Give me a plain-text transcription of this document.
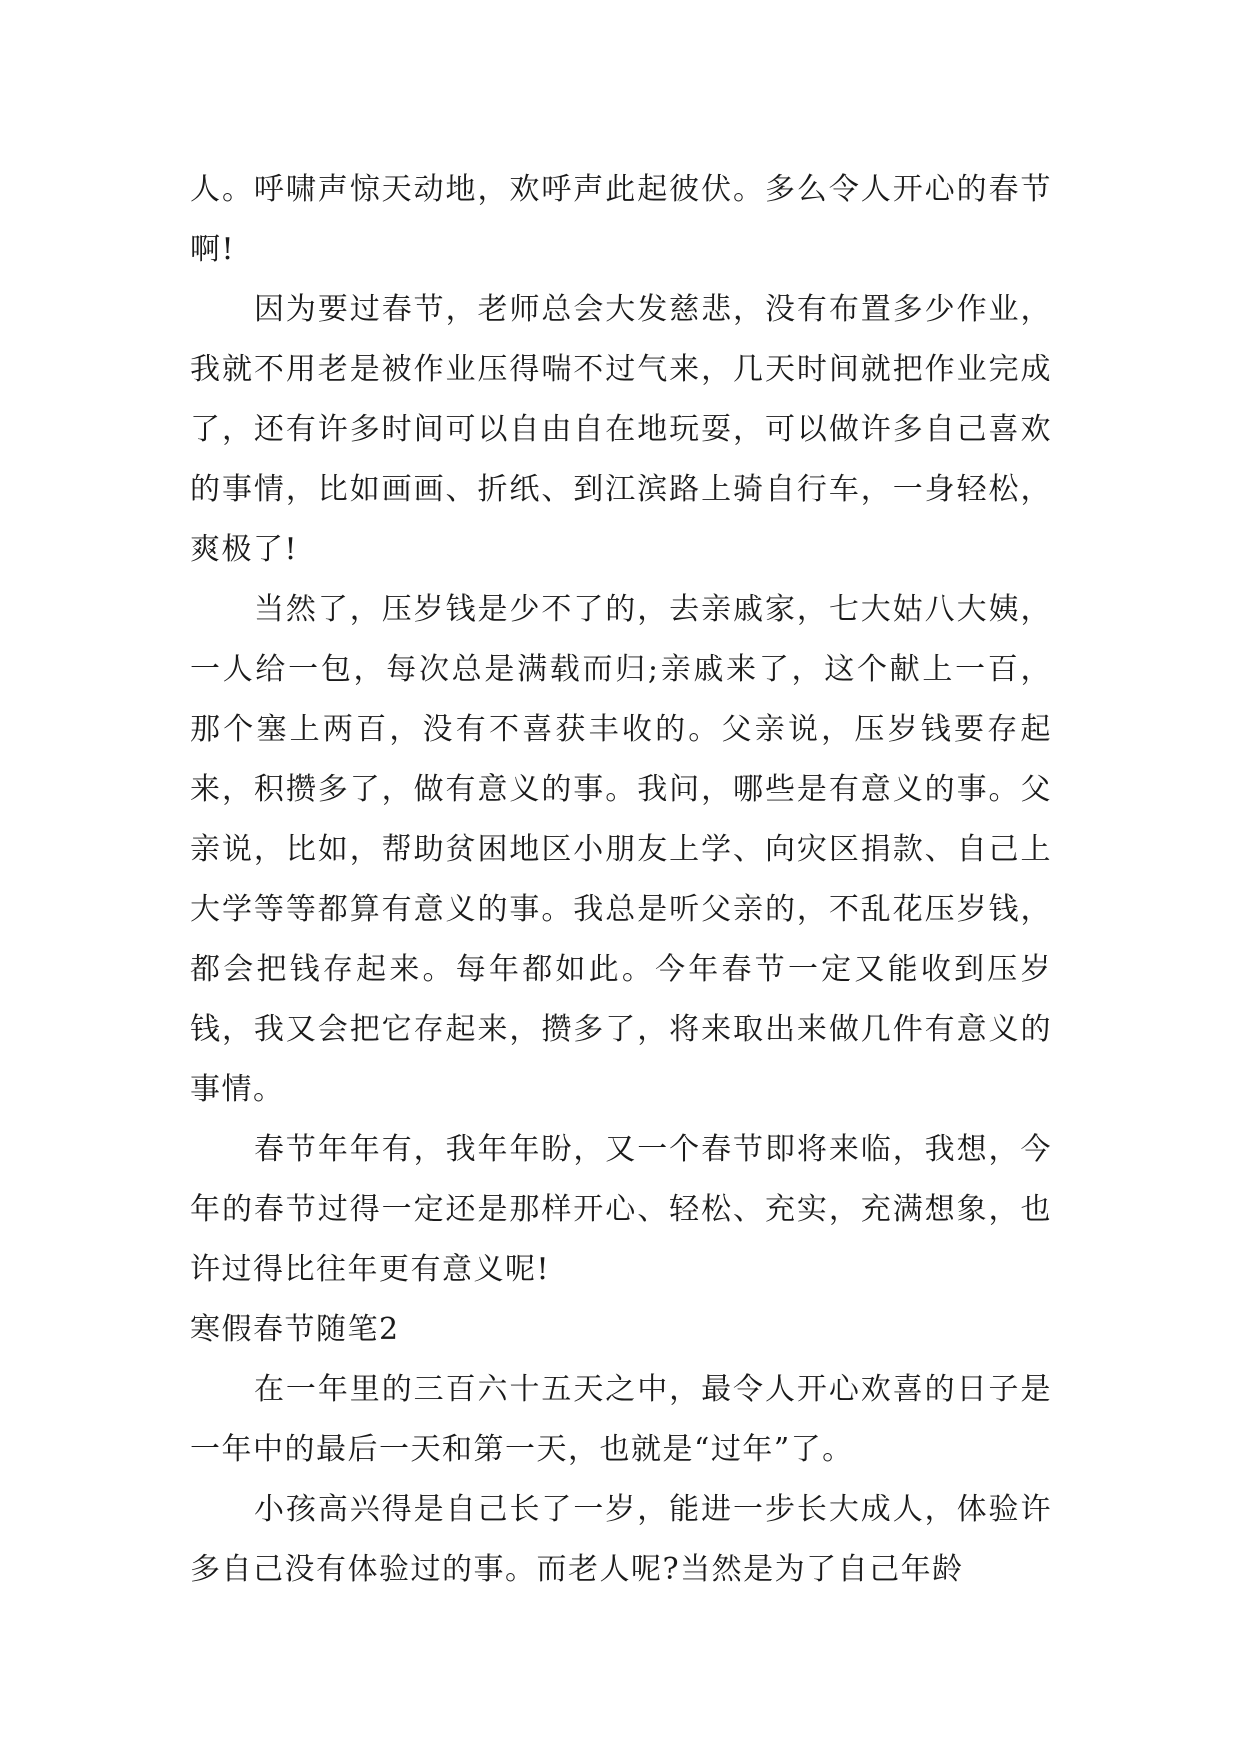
人。呼啸声惊天动地，欢呼声此起彼伏。多么令人开心的春节啊!

因为要过春节，老师总会大发慈悲，没有布置多少作业，我就不用老是被作业压得喘不过气来，几天时间就把作业完成了，还有许多时间可以自由自在地玩耍，可以做许多自己喜欢的事情，比如画画、折纸、到江滨路上骑自行车，一身轻松，爽极了!

当然了，压岁钱是少不了的，去亲戚家，七大姑八大姨，一人给一包，每次总是满载而归;亲戚来了，这个献上一百，那个塞上两百，没有不喜获丰收的。父亲说，压岁钱要存起来，积攒多了，做有意义的事。我问，哪些是有意义的事。父亲说，比如，帮助贫困地区小朋友上学、向灾区捐款、自己上大学等等都算有意义的事。我总是听父亲的，不乱花压岁钱，都会把钱存起来。每年都如此。今年春节一定又能收到压岁钱，我又会把它存起来，攒多了，将来取出来做几件有意义的事情。

春节年年有，我年年盼，又一个春节即将来临，我想，今年的春节过得一定还是那样开心、轻松、充实，充满想象，也许过得比往年更有意义呢!

寒假春节随笔2

在一年里的三百六十五天之中，最令人开心欢喜的日子是一年中的最后一天和第一天，也就是“过年”了。

小孩高兴得是自己长了一岁，能进一步长大成人，体验许多自己没有体验过的事。而老人呢?当然是为了自己年龄
